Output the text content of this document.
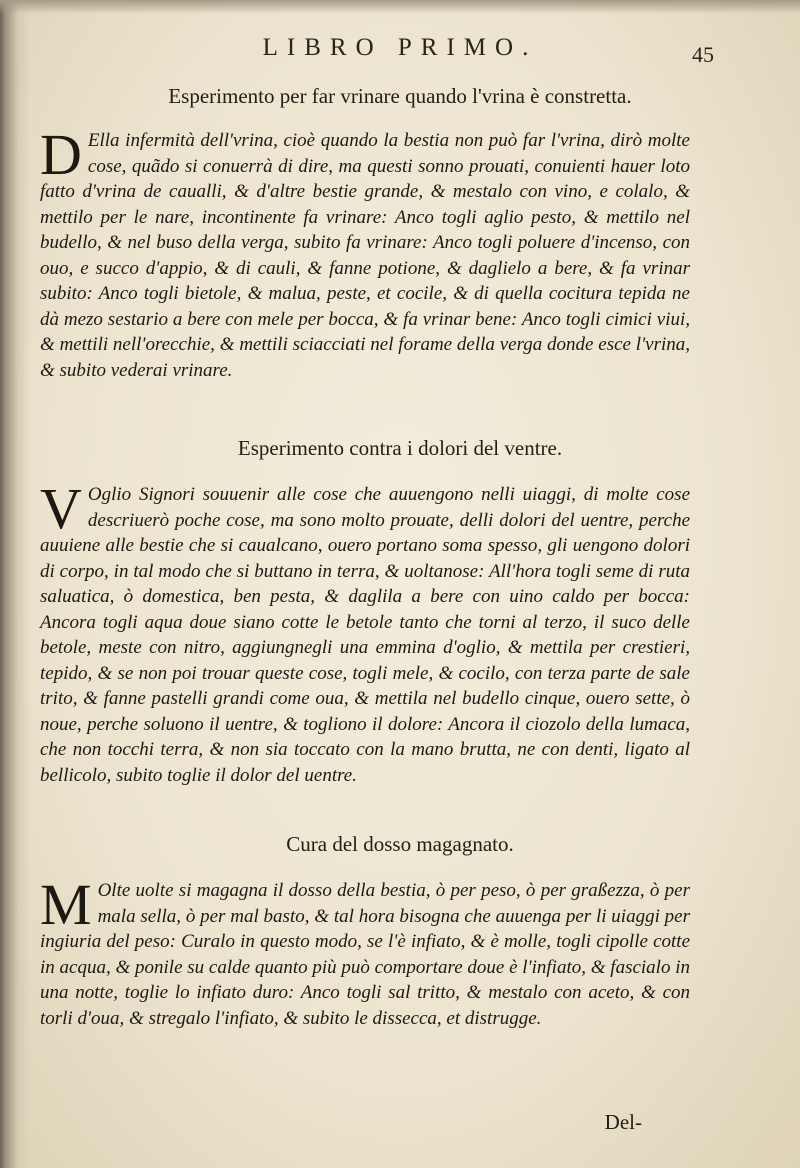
LIBRO PRIMO.	45
Esperimento per far vrinare quando l'vrina è constretta.
D Ella infermità dell'vrina, cioè quando la bestia non può far l'vrina, dirò molte cose, quãdo si conuerrà di dire, ma questi sonno prouati, conuienti hauer loto fatto d'vrina de caualli, & d'altre bestie grande, & mestalo con vino, e colalo, & mettilo per le nare, incontinente fa vrinare: Anco togli aglio pesto, & mettilo nel budello, & nel buso della verga, subito fa vrinare: Anco togli poluere d'incenso, con ouo, e succo d'appio, & di cauli, & fanne potione, & daglielo a bere, & fa vrinar subito: Anco togli bietole, & malua, peste, et cocile, & di quella cocitura tepida ne dà mezo sestario a bere con mele per bocca, & fa vrinar bene: Anco togli cimici viui, & mettili nell'orecchie, & mettili sciacciati nel forame della verga donde esce l'vrina, & subito vederai vrinare.
Esperimento contra i dolori del ventre.
V Oglio Signori souuenir alle cose che auuengono nelli uiaggi, di molte cose descriuerò poche cose, ma sono molto prouate, delli dolori del uentre, perche auuiene alle bestie che si caualcano, ouero portano soma spesso, gli uengono dolori di corpo, in tal modo che si buttano in terra, & uoltanose: All'hora togli seme di ruta saluatica, ò domestica, ben pesta, & daglila a bere con uino caldo per bocca: Ancora togli aqua doue siano cotte le betole tanto che torni al terzo, il suco delle betole, meste con nitro, aggiungnegli una emmina d'oglio, & mettila per crestieri, tepido, & se non poi trouar queste cose, togli mele, & cocilo, con terza parte de sale trito, & fanne pastelli grandi come oua, & mettila nel budello cinque, ouero sette, ò noue, perche soluono il uentre, & togliono il dolore: Ancora il ciozolo della lumaca, che non tocchi terra, & non sia toccato con la mano brutta, ne con denti, ligato al bellicolo, subito toglie il dolor del uentre.
Cura del dosso magagnato.
M Olte uolte si magagna il dosso della bestia, ò per peso, ò per graßezza, ò per mala sella, ò per mal basto, & tal hora bisogna che auuenga per li uiaggi per ingiuria del peso: Curalo in questo modo, se l'è infiato, & è molle, togli cipolle cotte in acqua, & ponile su calde quanto più può comportare doue è l'infiato, & fascialo in una notte, toglie lo infiato duro: Anco togli sal tritto, & mestalo con aceto, & con torli d'oua, & stregalo l'infiato, & subito le dissecca, et distrugge.
Del-
